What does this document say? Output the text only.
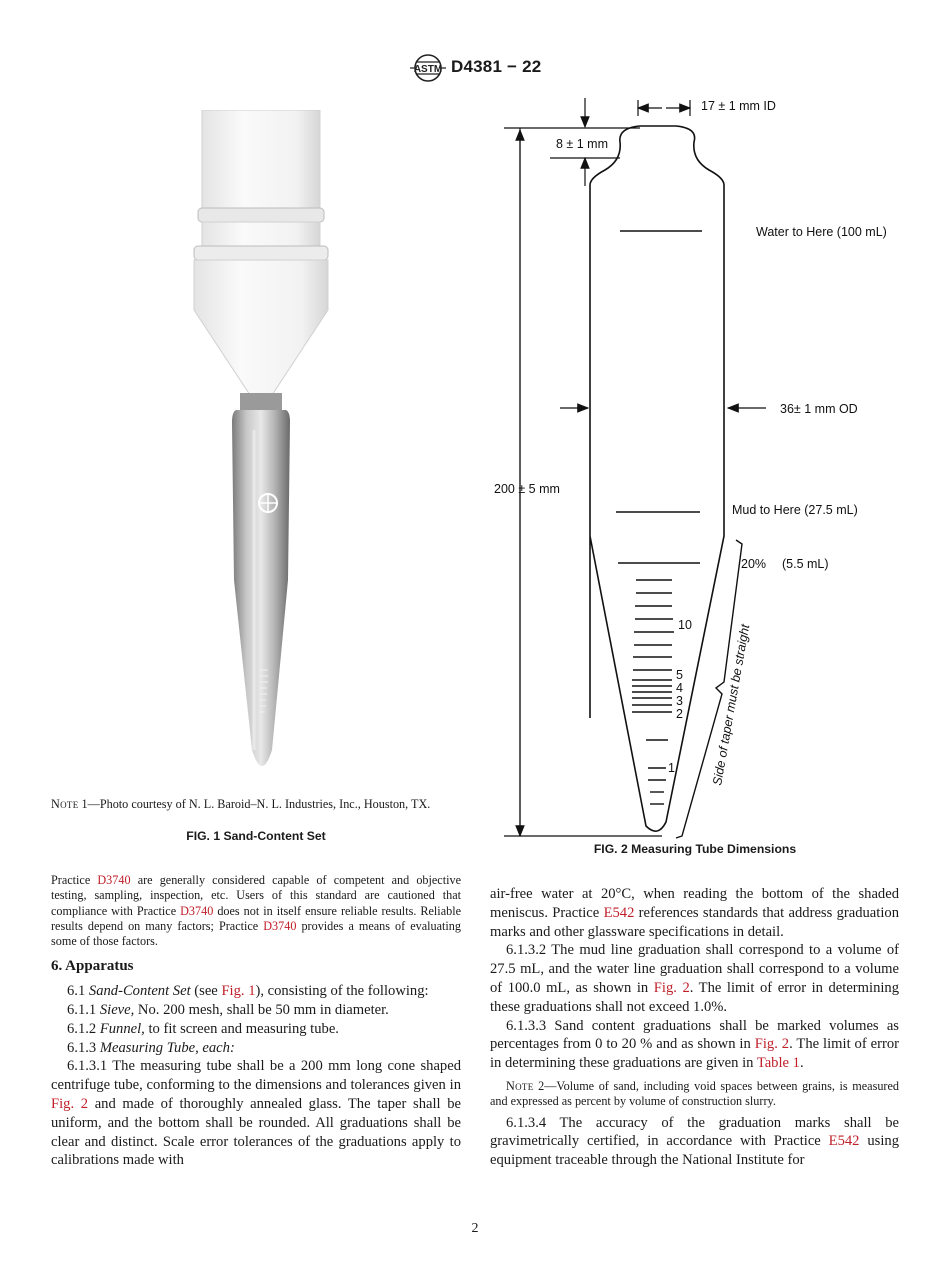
ASTM D4381 − 22
Note 1—Photo courtesy of N. L. Baroid–N. L. Industries, Inc., Houston, TX.
FIG. 1 Sand-Content Set
17 ± 1 mm ID
8 ± 1 mm
Water to Here (100 mL)
36± 1 mm OD
200 ± 5 mm
Mud to Here (27.5 mL)
20% (5.5 mL)
10
5
4
3
2
1	Side of taper must be straight
FIG. 2 Measuring Tube Dimensions

Practice D3740 are generally considered capable of competent and objective testing, sampling, inspection, etc. Users of this standard are cautioned that compliance with Practice D3740 does not in itself ensure reliable results. Reliable results depend on many factors; Practice D3740 provides a means of evaluating some of those factors.

6. Apparatus

6.1 Sand-Content Set (see Fig. 1), consisting of the following:

6.1.1 Sieve, No. 200 mesh, shall be 50 mm in diameter.

6.1.2 Funnel, to fit screen and measuring tube.

6.1.3 Measuring Tube, each:

6.1.3.1 The measuring tube shall be a 200 mm long cone shaped centrifuge tube, conforming to the dimensions and tolerances given in Fig. 2 and made of thoroughly annealed glass. The taper shall be uniform, and the bottom shall be rounded. All graduations shall be clear and distinct. Scale error tolerances of the graduations apply to calibrations made with

air-free water at 20°C, when reading the bottom of the shaded meniscus. Practice E542 references standards that address graduation marks and other glassware specifications in detail.

6.1.3.2 The mud line graduation shall correspond to a volume of 27.5 mL, and the water line graduation shall correspond to a volume of 100.0 mL, as shown in Fig. 2. The limit of error in determining these graduations shall not exceed 1.0%.

6.1.3.3 Sand content graduations shall be marked volumes as percentages from 0 to 20 % and as shown in Fig. 2. The limit of error in determining these graduations are given in Table 1.

Note 2—Volume of sand, including void spaces between grains, is measured and expressed as percent by volume of construction slurry.

6.1.3.4 The accuracy of the graduation marks shall be gravimetrically certified, in accordance with Practice E542 using equipment traceable through the National Institute for

2
